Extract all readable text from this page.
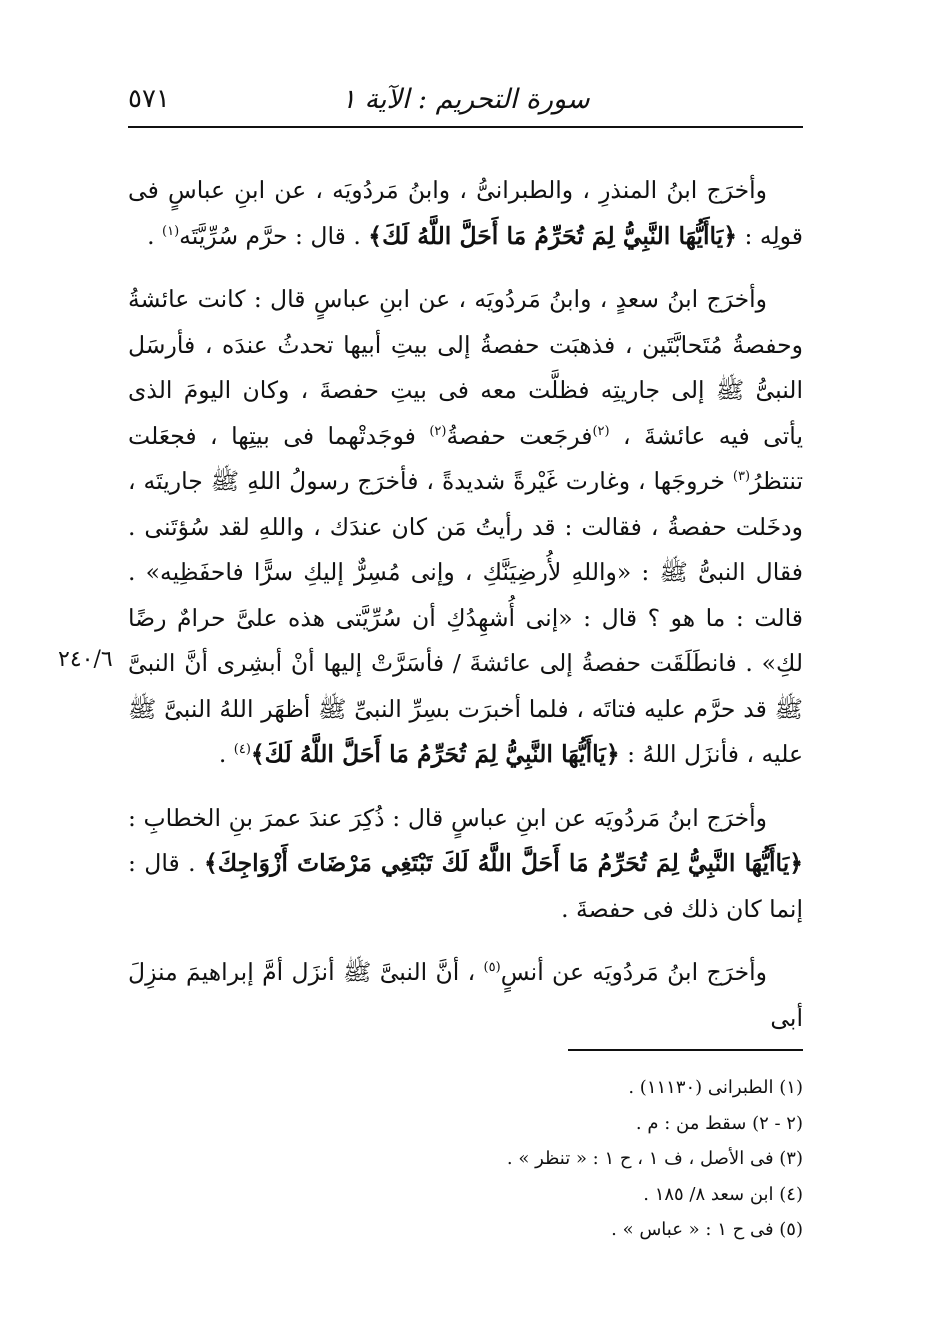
سورة التحريم : الآية ١
٥٧١
٢٤٠/٦

وأخرَج ابنُ المنذرِ ، والطبرانىُّ ، وابنُ مَردُويَه ، عن ابنِ عباسٍ فى قولِه : ﴿يَاأَيُّهَا النَّبِيُّ لِمَ تُحَرِّمُ مَا أَحَلَّ اللَّهُ لَكَ﴾ . قال : حرَّم سُرِّيَّتَه$^{(١)}$ .

وأخرَج ابنُ سعدٍ ، وابنُ مَردُويَه ، عن ابنِ عباسٍ قال : كانت عائشةُ وحفصةُ مُتَحابَّتَين ، فذهبَت حفصةُ إلى بيتِ أبيها تحدثُ عندَه ، فأرسَل النبىُّ ﷺ إلى جاريتِه فظلَّت معه فى بيتِ حفصةَ ، وكان اليومَ الذى يأتى فيه عائشةَ ، $^{(٢)}$فرجَعت حفصةُ$^{(٢)}$ فوجَدتْهما فى بيتِها ، فجعَلت تنتظرُ$^{(٣)}$ خروجَها ، وغارت غَيْرةً شديدةً ، فأخرَج رسولُ اللهِ ﷺ جاريتَه ، ودخَلت حفصةُ ، فقالت : قد رأيتُ مَن كان عندَك ، واللهِ لقد سُؤتَنى . فقال النبىُّ ﷺ : «واللهِ لأُرضِيَنَّكِ ، وإنى مُسِرٌّ إليكِ سرًّا فاحفَظِيه» . قالت : ما هو ؟ قال : «إنى أُشهِدُكِ أن سُرِّيَّتى هذه علىَّ حرامٌ رضًا لكِ» . فانطَلَقَت حفصةُ إلى عائشةَ / فأسَرَّتْ إليها أنْ أبشِرى أنَّ النبىَّ ﷺ قد حرَّم عليه فتاتَه ، فلما أخبرَت بسِرِّ النبىِّ ﷺ أظهَر اللهُ النبىَّ ﷺ عليه ، فأنزَل اللهُ : ﴿يَاأَيُّهَا النَّبِيُّ لِمَ تُحَرِّمُ مَا أَحَلَّ اللَّهُ لَكَ﴾$^{(٤)}$ .

وأخرَج ابنُ مَردُويَه عن ابنِ عباسٍ قال : ذُكِرَ عندَ عمرَ بنِ الخطابِ : ﴿يَاأَيُّهَا النَّبِيُّ لِمَ تُحَرِّمُ مَا أَحَلَّ اللَّهُ لَكَ تَبْتَغِي مَرْضَاتَ أَزْوَاجِكَ﴾ . قال : إنما كان ذلك فى حفصةَ .

وأخرَج ابنُ مَردُويَه عن أنسٍ$^{(٥)}$ ، أنَّ النبىَّ ﷺ أنزَل أمَّ إبراهيمَ منزِلَ أبى

(١) الطبرانى (١١١٣٠) .
(٢ - ٢) سقط من : م .
(٣) فى الأصل ، ف ١ ، ح ١ : « تنظر » .
(٤) ابن سعد ٨/ ١٨٥ .
(٥) فى ح ١ : « عباس » .
